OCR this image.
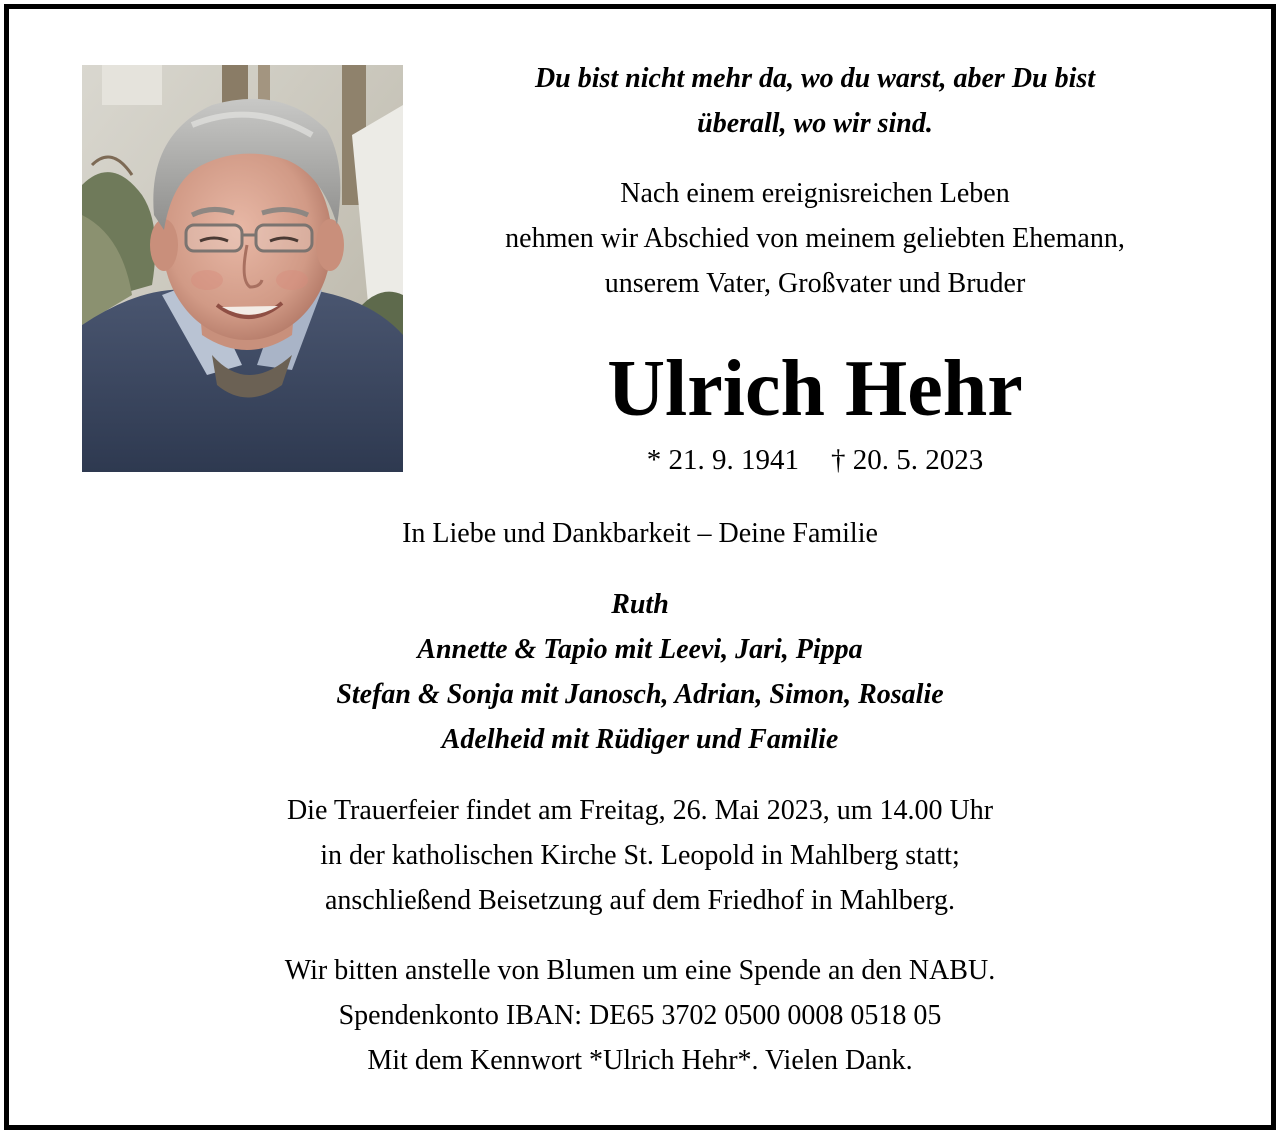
Du bist nicht mehr da, wo du warst, aber Du bist
überall, wo wir sind.
Nach einem ereignisreichen Leben
nehmen wir Abschied von meinem geliebten Ehemann,
unserem Vater, Großvater und Bruder
Ulrich Hehr
* 21. 9. 1941 † 20. 5. 2023
In Liebe und Dankbarkeit – Deine Familie
Ruth
Annette & Tapio mit Leevi, Jari, Pippa
Stefan & Sonja mit Janosch, Adrian, Simon, Rosalie
Adelheid mit Rüdiger und Familie
Die Trauerfeier findet am Freitag, 26. Mai 2023, um 14.00 Uhr
in der katholischen Kirche St. Leopold in Mahlberg statt;
anschließend Beisetzung auf dem Friedhof in Mahlberg.
Wir bitten anstelle von Blumen um eine Spende an den NABU.
Spendenkonto IBAN: DE65 3702 0500 0008 0518 05
Mit dem Kennwort *Ulrich Hehr*. Vielen Dank.
